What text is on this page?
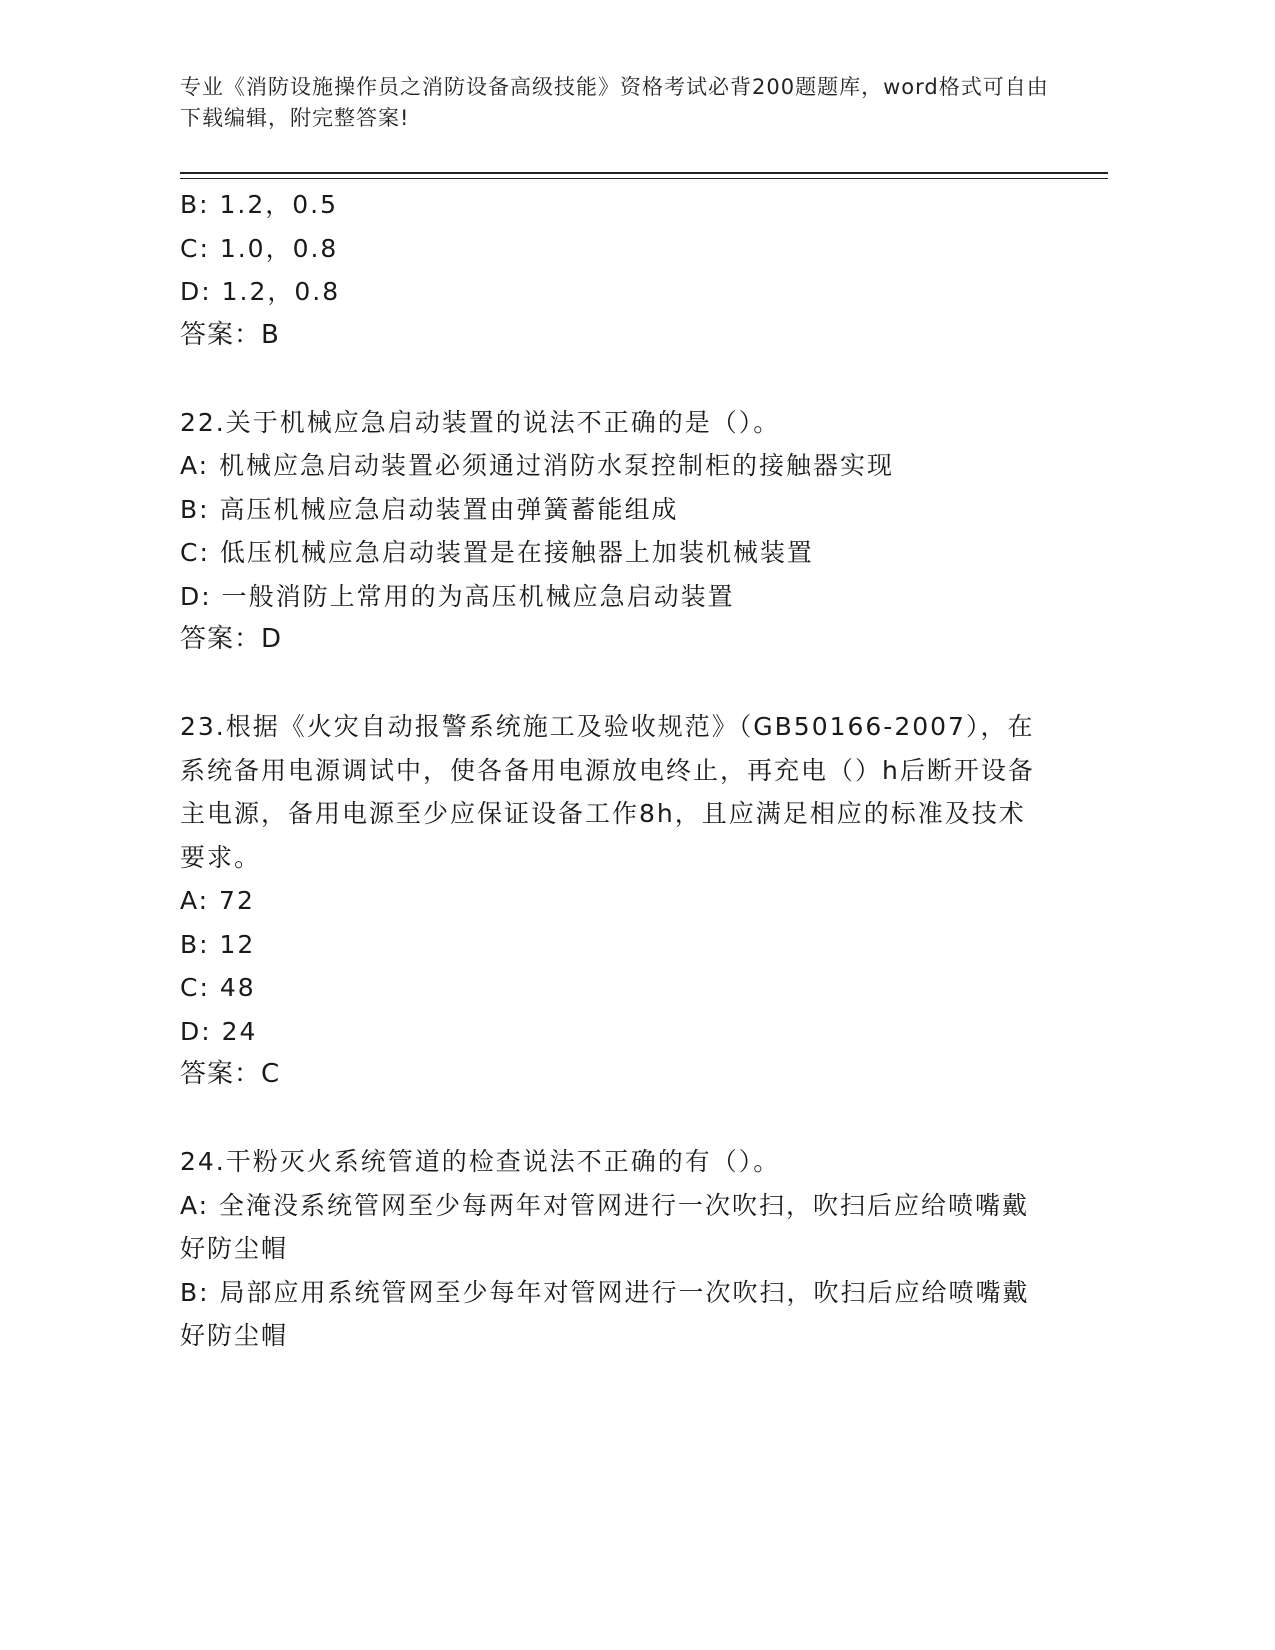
专业《消防设施操作员之消防设备高级技能》资格考试必背200题题库，word格式可自由下载编辑，附完整答案!
B: 1.2，0.5
C: 1.0，0.8
D: 1.2，0.8
答案：B
22.关于机械应急启动装置的说法不正确的是（）。
A: 机械应急启动装置必须通过消防水泵控制柜的接触器实现
B: 高压机械应急启动装置由弹簧蓄能组成
C: 低压机械应急启动装置是在接触器上加装机械装置
D: 一般消防上常用的为高压机械应急启动装置
答案：D
23.根据《火灾自动报警系统施工及验收规范》（GB50166-2007），在系统备用电源调试中，使各备用电源放电终止，再充电（）h后断开设备主电源，备用电源至少应保证设备工作8h，且应满足相应的标准及技术要求。
A: 72
B: 12
C: 48
D: 24
答案：C
24.干粉灭火系统管道的检查说法不正确的有（）。
A: 全淹没系统管网至少每两年对管网进行一次吹扫，吹扫后应给喷嘴戴好防尘帽
B: 局部应用系统管网至少每年对管网进行一次吹扫，吹扫后应给喷嘴戴好防尘帽
